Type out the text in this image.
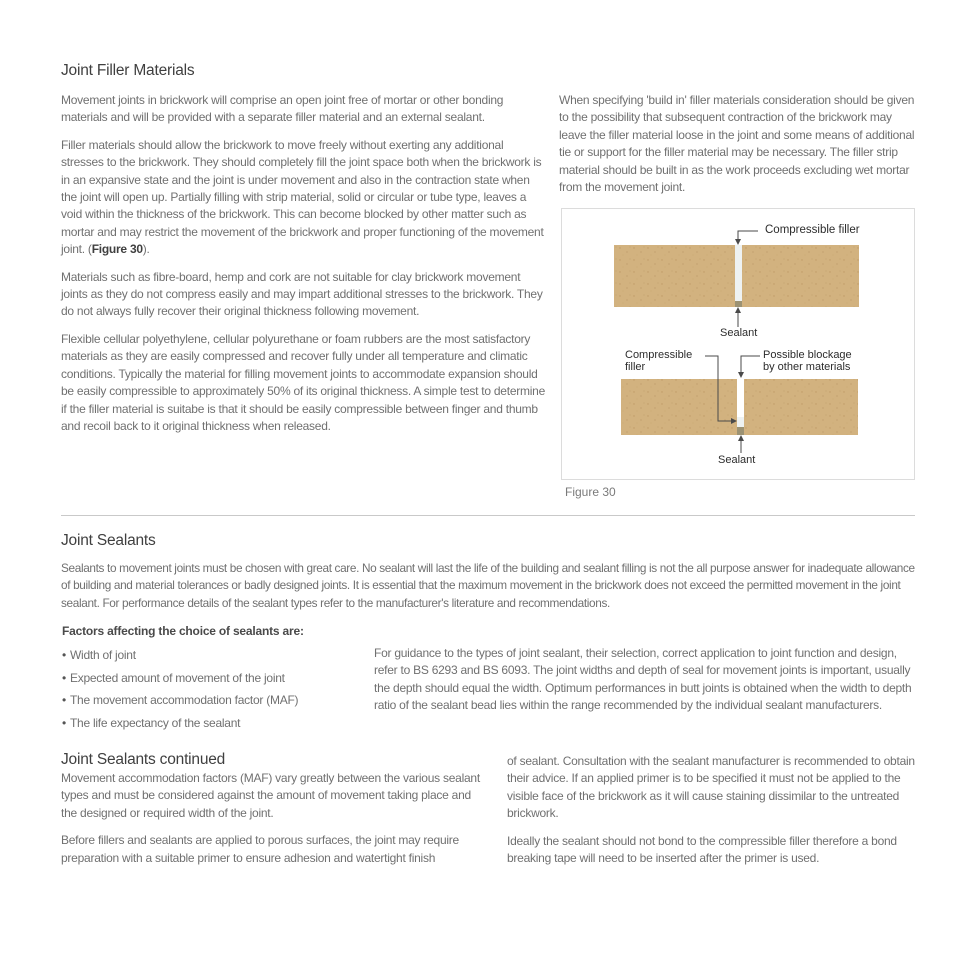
Joint Filler Materials

Movement joints in brickwork will comprise an open joint free of mortar or other bonding materials and will be provided with a separate filler material and an external sealant.

Filler materials should allow the brickwork to move freely without exerting any additional stresses to the brickwork. They should completely fill the joint space both when the brickwork is in an expansive state and the joint is under movement and also in the contraction state when the joint will open up. Partially filling with strip material, solid or circular or tube type, leaves a void within the thickness of the brickwork. This can become blocked by other matter such as mortar and may restrict the movement of the brickwork and proper functioning of the movement joint. (Figure 30).

Materials such as fibre-board, hemp and cork are not suitable for clay brickwork movement joints as they do not compress easily and may impart additional stresses to the brickwork. They do not always fully recover their original thickness following movement.

Flexible cellular polyethylene, cellular polyurethane or foam rubbers are the most satisfactory materials as they are easily compressed and recover fully under all temperature and climatic conditions. Typically the material for filling movement joints to accommodate expansion should be easily compressible to approximately 50% of its original thickness. A simple test to determine if the filler material is suitabe is that it should be easily compressible between finger and thumb and recoil back to it original thickness when released.

When specifying 'build in' filler materials consideration should be given to the possibility that subsequent contraction of the brickwork may leave the filler material loose in the joint and some means of additional tie or support for the filler material may be necessary. The filler strip material should be built in as the work proceeds excluding wet mortar from the movement joint.

Compressible filler
Sealant
Compressible
filler
Possible blockage
by other materials
Sealant
Figure 30
Joint Sealants

Sealants to movement joints must be chosen with great care. No sealant will last the life of the building and sealant filling is not the all purpose answer for inadequate allowance of building and material tolerances or badly designed joints. It is essential that the maximum movement in the brickwork does not exceed the permitted movement in the joint sealant. For performance details of the sealant types refer to the manufacturer's literature and recommendations.

Factors affecting the choice of sealants are:
• Width of joint
• Expected amount of movement of the joint
• The movement accommodation factor (MAF)
• The life expectancy of the sealant

For guidance to the types of joint sealant, their selection, correct application to joint function and design, refer to BS 6293 and BS 6093. The joint widths and depth of seal for movement joints is important, usually the depth should equal the width. Optimum performances in butt joints is obtained when the width to depth ratio of the sealant bead lies within the range recommended by the individual sealant manufacturers.

Joint Sealants continued

Movement accommodation factors (MAF) vary greatly between the various sealant types and must be considered against the amount of movement taking place and the designed or required width of the joint.

Before fillers and sealants are applied to porous surfaces, the joint may require preparation with a suitable primer to ensure adhesion and watertight finish

of sealant. Consultation with the sealant manufacturer is recommended to obtain their advice. If an applied primer is to be specified it must not be applied to the visible face of the brickwork as it will cause staining dissimilar to the untreated brickwork.

Ideally the sealant should not bond to the compressible filler therefore a bond breaking tape will need to be inserted after the primer is used.
